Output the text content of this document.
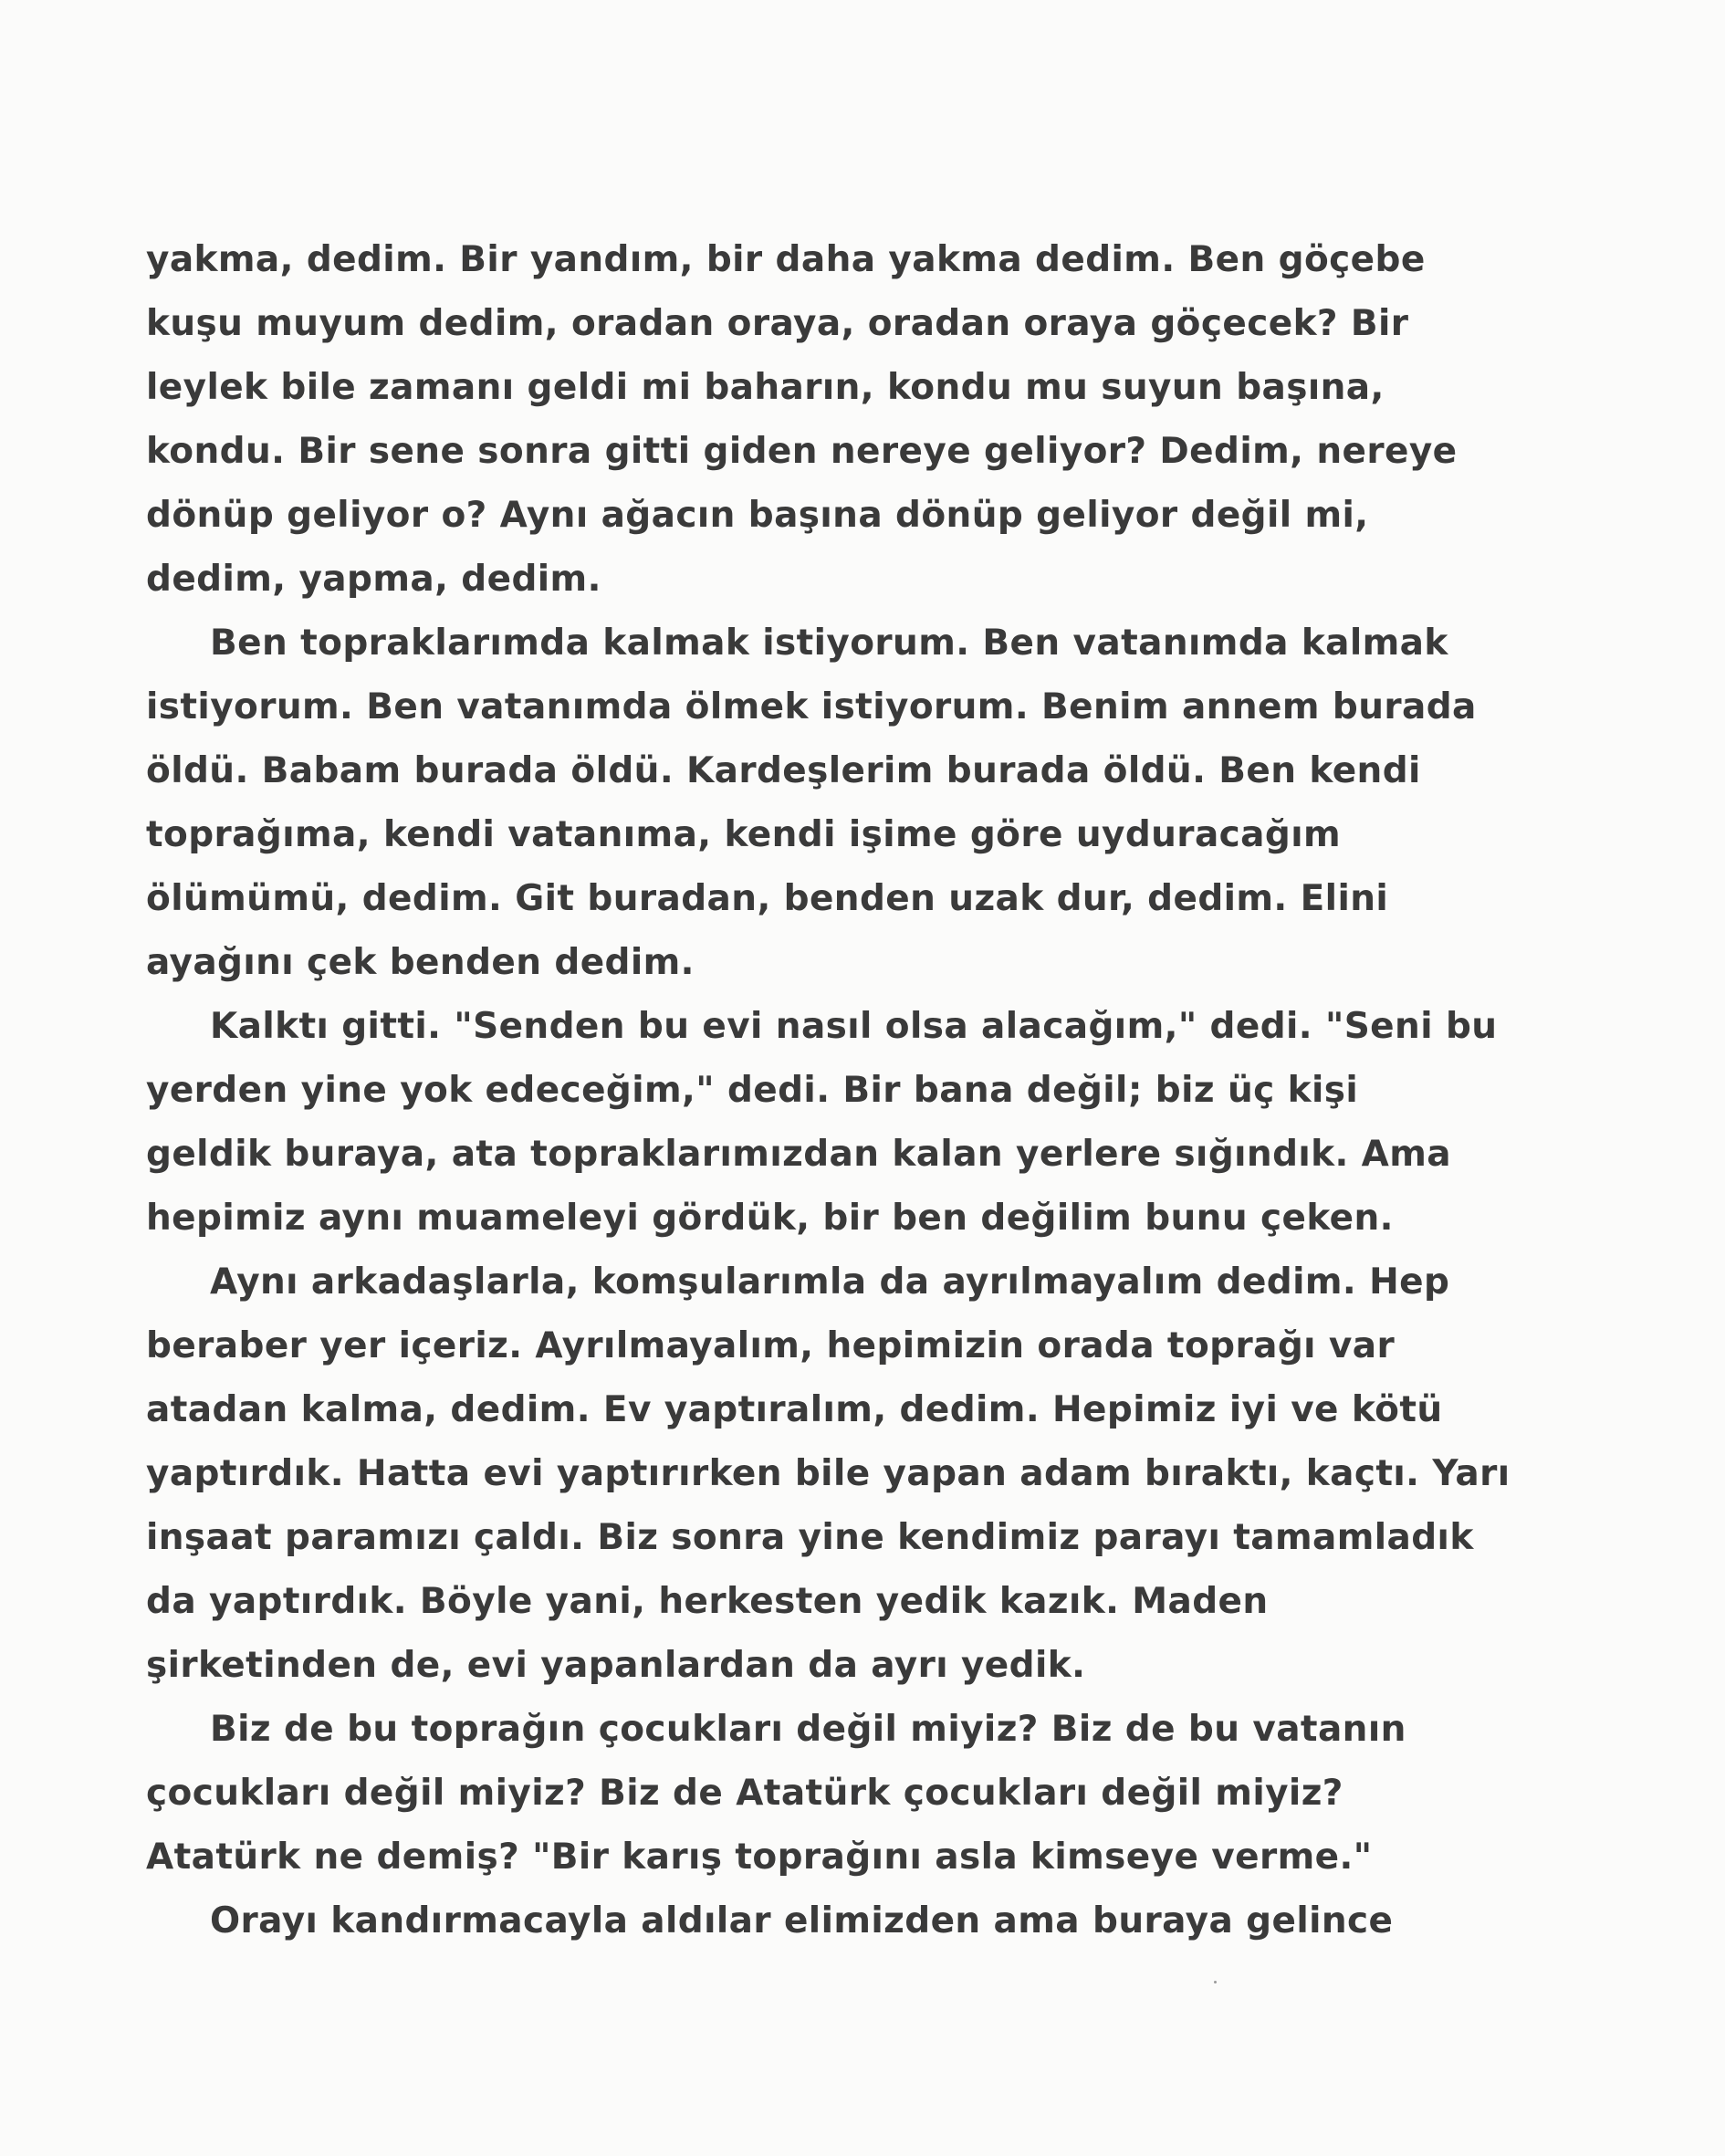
yakma, dedim. Bir yandım, bir daha yakma dedim. Ben göçebe
kuşu muyum dedim, oradan oraya, oradan oraya göçecek? Bir
leylek bile zamanı geldi mi baharın, kondu mu suyun başına,
kondu. Bir sene sonra gitti giden nereye geliyor? Dedim, nereye
dönüp geliyor o? Aynı ağacın başına dönüp geliyor değil mi,
dedim, yapma, dedim.
Ben topraklarımda kalmak istiyorum. Ben vatanımda kalmak
istiyorum. Ben vatanımda ölmek istiyorum. Benim annem burada
öldü. Babam burada öldü. Kardeşlerim burada öldü. Ben kendi
toprağıma, kendi vatanıma, kendi işime göre uyduracağım
ölümümü, dedim. Git buradan, benden uzak dur, dedim. Elini
ayağını çek benden dedim.
Kalktı gitti. "Senden bu evi nasıl olsa alacağım," dedi. "Seni bu
yerden yine yok edeceğim," dedi. Bir bana değil; biz üç kişi
geldik buraya, ata topraklarımızdan kalan yerlere sığındık. Ama
hepimiz aynı muameleyi gördük, bir ben değilim bunu çeken.
Aynı arkadaşlarla, komşularımla da ayrılmayalım dedim. Hep
beraber yer içeriz. Ayrılmayalım, hepimizin orada toprağı var
atadan kalma, dedim. Ev yaptıralım, dedim. Hepimiz iyi ve kötü
yaptırdık. Hatta evi yaptırırken bile yapan adam bıraktı, kaçtı. Yarı
inşaat paramızı çaldı. Biz sonra yine kendimiz parayı tamamladık
da yaptırdık. Böyle yani, herkesten yedik kazık. Maden
şirketinden de, evi yapanlardan da ayrı yedik.
Biz de bu toprağın çocukları değil miyiz? Biz de bu vatanın
çocukları değil miyiz? Biz de Atatürk çocukları değil miyiz?
Atatürk ne demiş? "Bir karış toprağını asla kimseye verme."
Orayı kandırmacayla aldılar elimizden ama buraya gelince
